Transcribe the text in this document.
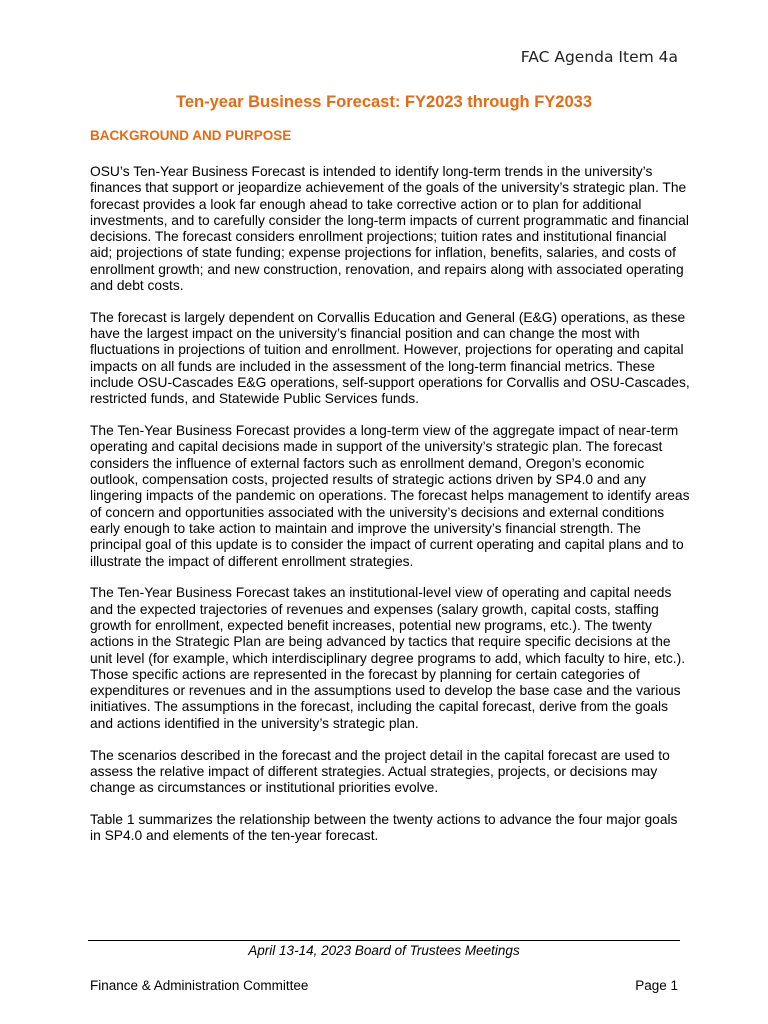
FAC Agenda Item 4a
Ten-year Business Forecast: FY2023 through FY2033
BACKGROUND AND PURPOSE

OSU’s Ten-Year Business Forecast is intended to identify long-term trends in the university’s finances that support or jeopardize achievement of the goals of the university’s strategic plan. The forecast provides a look far enough ahead to take corrective action or to plan for additional investments, and to carefully consider the long-term impacts of current programmatic and financial decisions. The forecast considers enrollment projections; tuition rates and institutional financial aid; projections of state funding; expense projections for inflation, benefits, salaries, and costs of enrollment growth; and new construction, renovation, and repairs along with associated operating and debt costs.

The forecast is largely dependent on Corvallis Education and General (E&G) operations, as these have the largest impact on the university’s financial position and can change the most with fluctuations in projections of tuition and enrollment. However, projections for operating and capital impacts on all funds are included in the assessment of the long-term financial metrics. These include OSU-Cascades E&G operations, self-support operations for Corvallis and OSU-Cascades, restricted funds, and Statewide Public Services funds.

The Ten-Year Business Forecast provides a long-term view of the aggregate impact of near-term operating and capital decisions made in support of the university’s strategic plan. The forecast considers the influence of external factors such as enrollment demand, Oregon’s economic outlook, compensation costs, projected results of strategic actions driven by SP4.0 and any lingering impacts of the pandemic on operations. The forecast helps management to identify areas of concern and opportunities associated with the university’s decisions and external conditions early enough to take action to maintain and improve the university’s financial strength. The principal goal of this update is to consider the impact of current operating and capital plans and to illustrate the impact of different enrollment strategies.

The Ten-Year Business Forecast takes an institutional-level view of operating and capital needs and the expected trajectories of revenues and expenses (salary growth, capital costs, staffing growth for enrollment, expected benefit increases, potential new programs, etc.). The twenty actions in the Strategic Plan are being advanced by tactics that require specific decisions at the unit level (for example, which interdisciplinary degree programs to add, which faculty to hire, etc.). Those specific actions are represented in the forecast by planning for certain categories of expenditures or revenues and in the assumptions used to develop the base case and the various initiatives. The assumptions in the forecast, including the capital forecast, derive from the goals and actions identified in the university’s strategic plan.

The scenarios described in the forecast and the project detail in the capital forecast are used to assess the relative impact of different strategies. Actual strategies, projects, or decisions may change as circumstances or institutional priorities evolve.

Table 1 summarizes the relationship between the twenty actions to advance the four major goals in SP4.0 and elements of the ten-year forecast.

April 13-14, 2023 Board of Trustees Meetings
Finance & Administration Committee	Page 1
